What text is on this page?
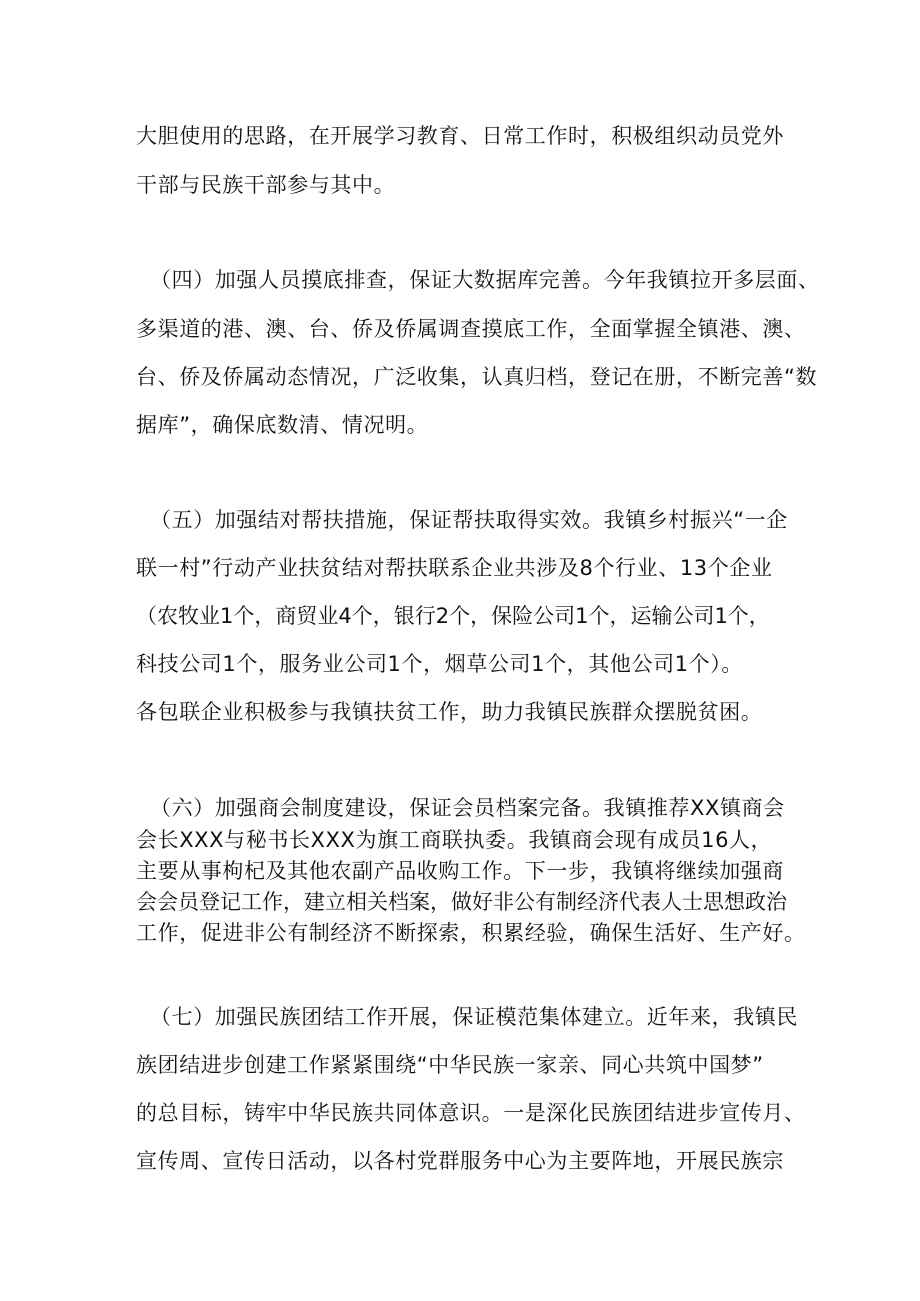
大胆使用的思路，在开展学习教育、日常工作时，积极组织动员党外
干部与民族干部参与其中。
（四）加强人员摸底排查，保证大数据库完善。今年我镇拉开多层面、
多渠道的港、澳、台、侨及侨属调查摸底工作，全面掌握全镇港、澳、
台、侨及侨属动态情况，广泛收集，认真归档，登记在册，不断完善“数
据库”，确保底数清、情况明。
（五）加强结对帮扶措施，保证帮扶取得实效。我镇乡村振兴“一企
联一村”行动产业扶贫结对帮扶联系企业共涉及8个行业、13个企业
（农牧业1个，商贸业4个，银行2个，保险公司1个，运输公司1个，
科技公司1个，服务业公司1个，烟草公司1个，其他公司1个）。
各包联企业积极参与我镇扶贫工作，助力我镇民族群众摆脱贫困。
（六）加强商会制度建设，保证会员档案完备。我镇推荐XX镇商会
会长XXX与秘书长XXX为旗工商联执委。我镇商会现有成员16人，
主要从事枸杞及其他农副产品收购工作。下一步，我镇将继续加强商
会会员登记工作，建立相关档案，做好非公有制经济代表人士思想政治
工作，促进非公有制经济不断探索，积累经验，确保生活好、生产好。
（七）加强民族团结工作开展，保证模范集体建立。近年来，我镇民
族团结进步创建工作紧紧围绕“中华民族一家亲、同心共筑中国梦”
的总目标，铸牢中华民族共同体意识。一是深化民族团结进步宣传月、
宣传周、宣传日活动，以各村党群服务中心为主要阵地，开展民族宗
